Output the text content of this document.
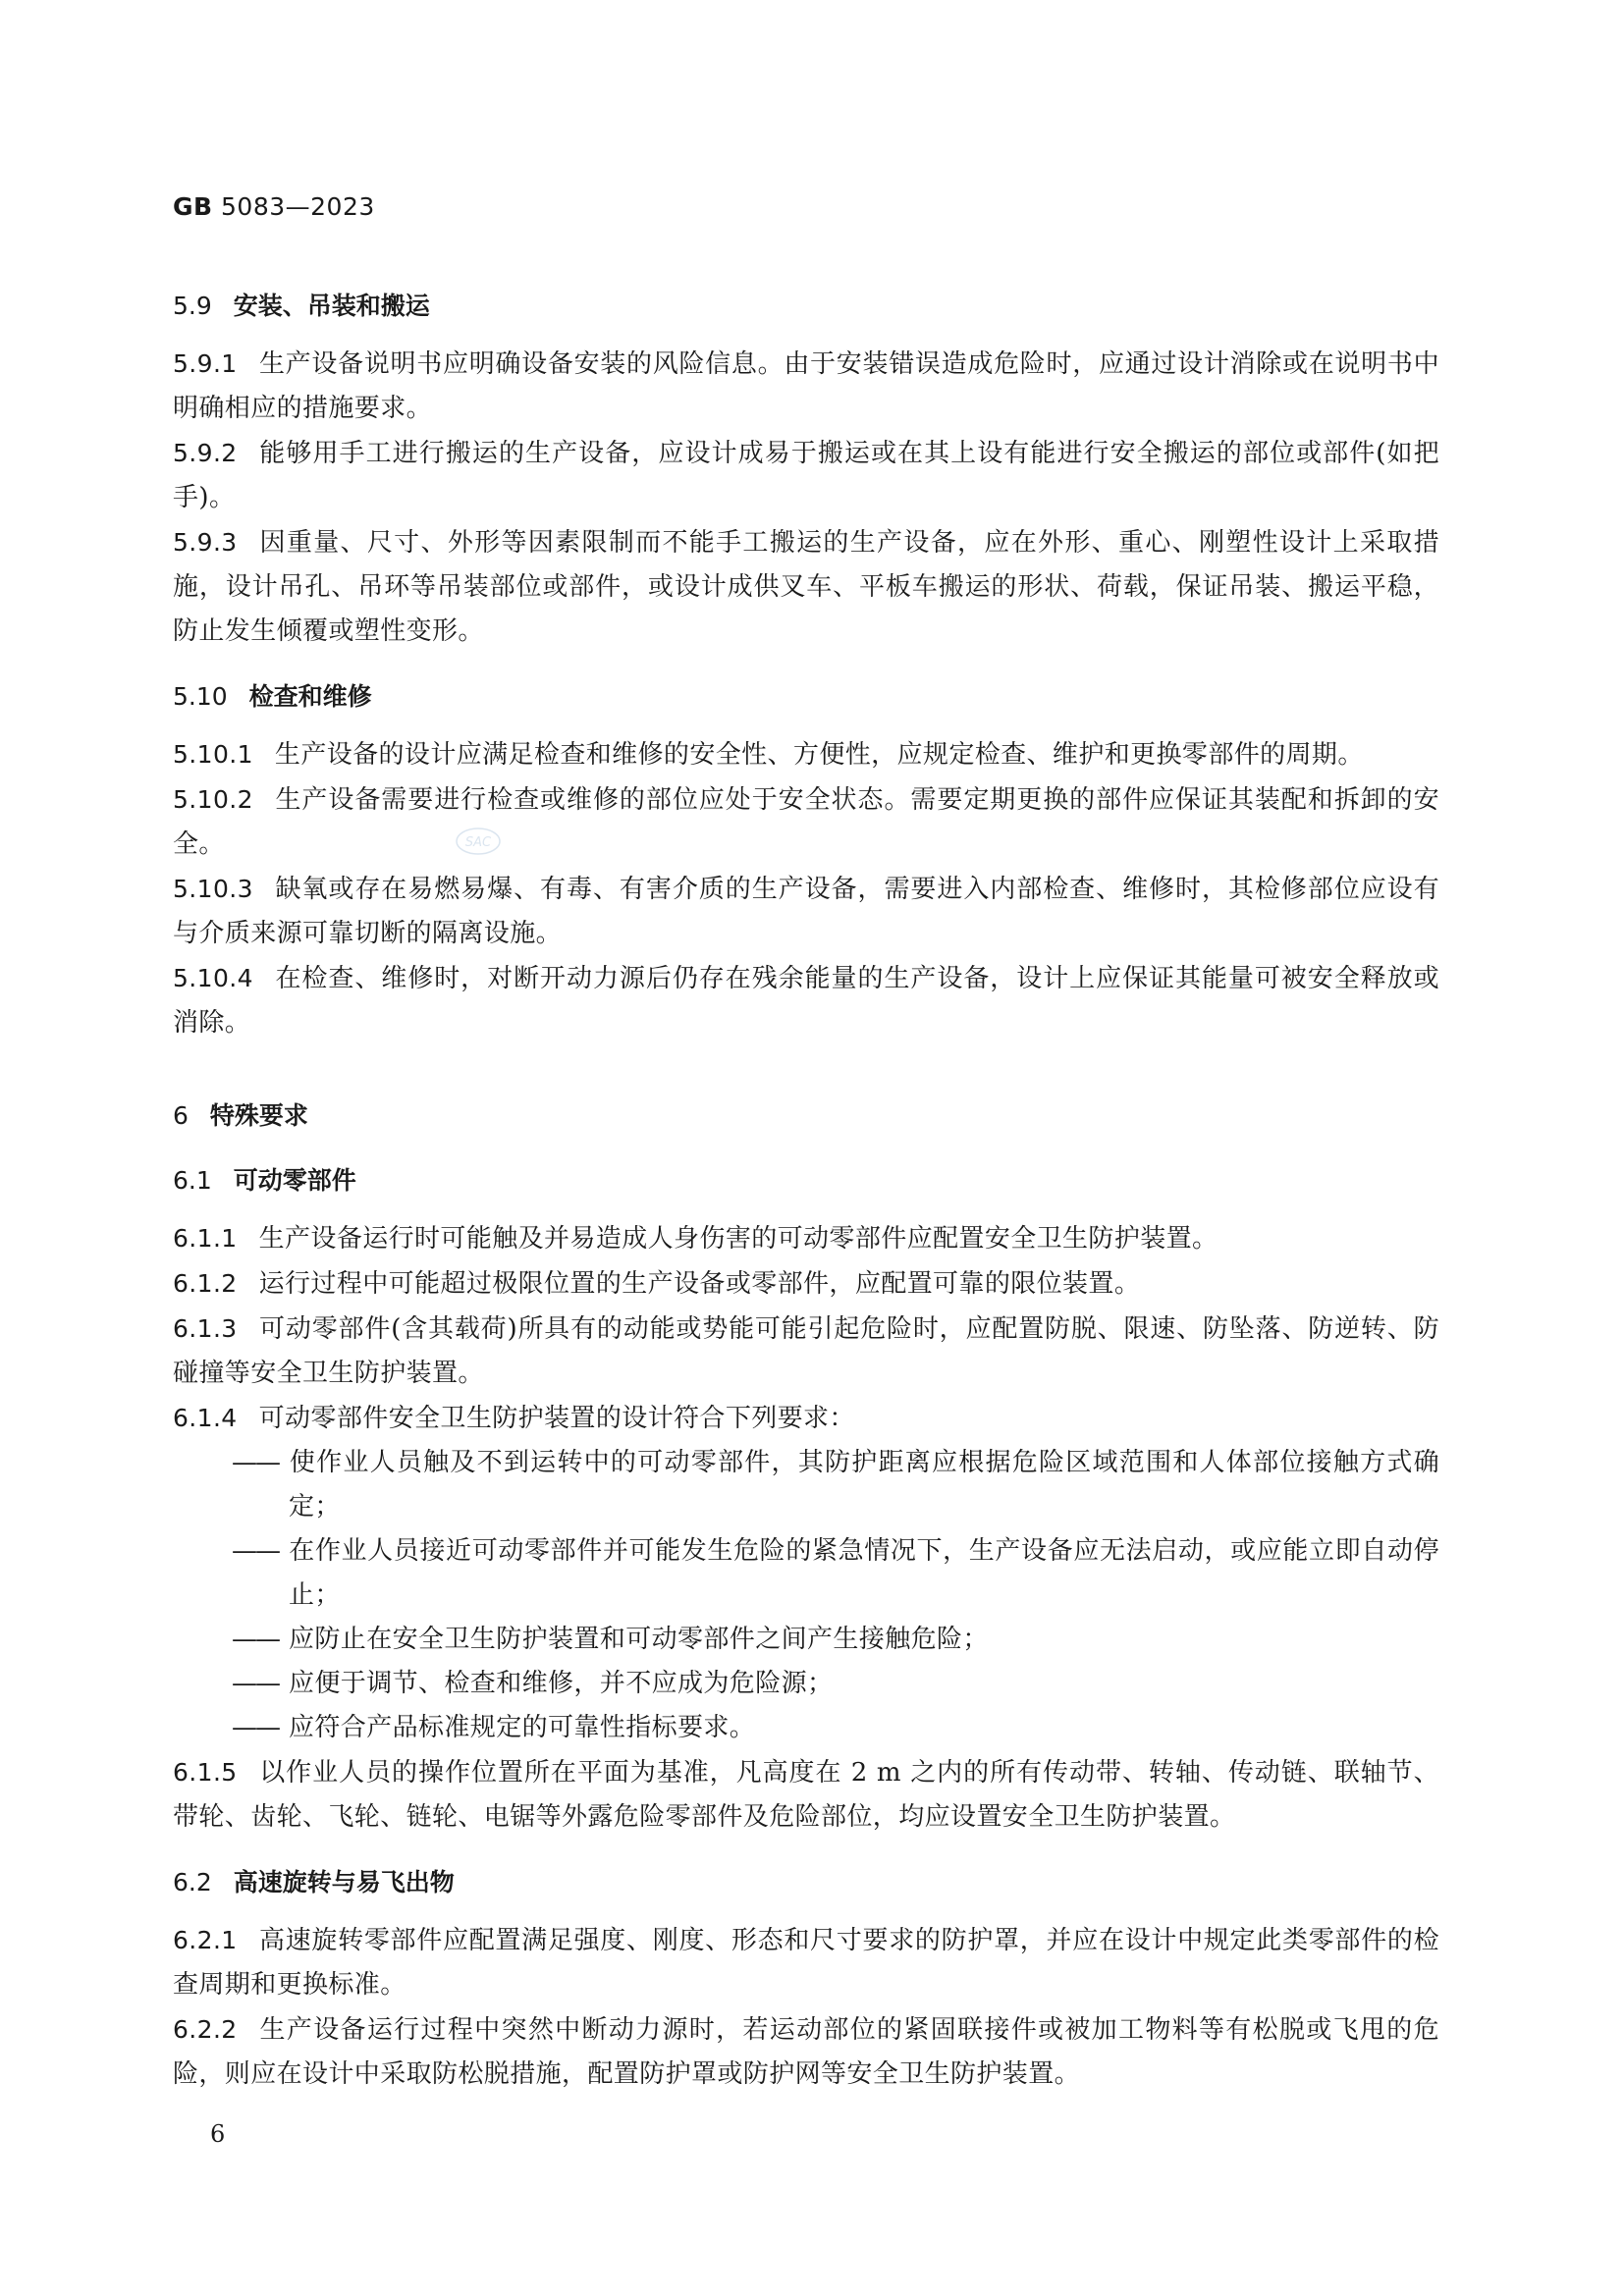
GB 5083—2023
5.9 安装、吊装和搬运

5.9.1 生产设备说明书应明确设备安装的风险信息。由于安装错误造成危险时，应通过设计消除或在说明书中明确相应的措施要求。

5.9.2 能够用手工进行搬运的生产设备，应设计成易于搬运或在其上设有能进行安全搬运的部位或部件(如把手)。

5.9.3 因重量、尺寸、外形等因素限制而不能手工搬运的生产设备，应在外形、重心、刚塑性设计上采取措施，设计吊孔、吊环等吊装部位或部件，或设计成供叉车、平板车搬运的形状、荷载，保证吊装、搬运平稳，防止发生倾覆或塑性变形。

5.10 检查和维修

5.10.1 生产设备的设计应满足检查和维修的安全性、方便性，应规定检查、维护和更换零部件的周期。

5.10.2 生产设备需要进行检查或维修的部位应处于安全状态。需要定期更换的部件应保证其装配和拆卸的安全。

5.10.3 缺氧或存在易燃易爆、有毒、有害介质的生产设备，需要进入内部检查、维修时，其检修部位应设有与介质来源可靠切断的隔离设施。

5.10.4 在检查、维修时，对断开动力源后仍存在残余能量的生产设备，设计上应保证其能量可被安全释放或消除。

6 特殊要求
6.1 可动零部件

6.1.1 生产设备运行时可能触及并易造成人身伤害的可动零部件应配置安全卫生防护装置。

6.1.2 运行过程中可能超过极限位置的生产设备或零部件，应配置可靠的限位装置。

6.1.3 可动零部件(含其载荷)所具有的动能或势能可能引起危险时，应配置防脱、限速、防坠落、防逆转、防碰撞等安全卫生防护装置。

6.1.4 可动零部件安全卫生防护装置的设计符合下列要求：

—— 使作业人员触及不到运转中的可动零部件，其防护距离应根据危险区域范围和人体部位接触方式确定；

—— 在作业人员接近可动零部件并可能发生危险的紧急情况下，生产设备应无法启动，或应能立即自动停止；

—— 应防止在安全卫生防护装置和可动零部件之间产生接触危险；

—— 应便于调节、检查和维修，并不应成为危险源；

—— 应符合产品标准规定的可靠性指标要求。

6.1.5 以作业人员的操作位置所在平面为基准，凡高度在 2 m 之内的所有传动带、转轴、传动链、联轴节、带轮、齿轮、飞轮、链轮、电锯等外露危险零部件及危险部位，均应设置安全卫生防护装置。

6.2 高速旋转与易飞出物

6.2.1 高速旋转零部件应配置满足强度、刚度、形态和尺寸要求的防护罩，并应在设计中规定此类零部件的检查周期和更换标准。

6.2.2 生产设备运行过程中突然中断动力源时，若运动部位的紧固联接件或被加工物料等有松脱或飞甩的危险，则应在设计中采取防松脱措施，配置防护罩或防护网等安全卫生防护装置。

SAC
6
